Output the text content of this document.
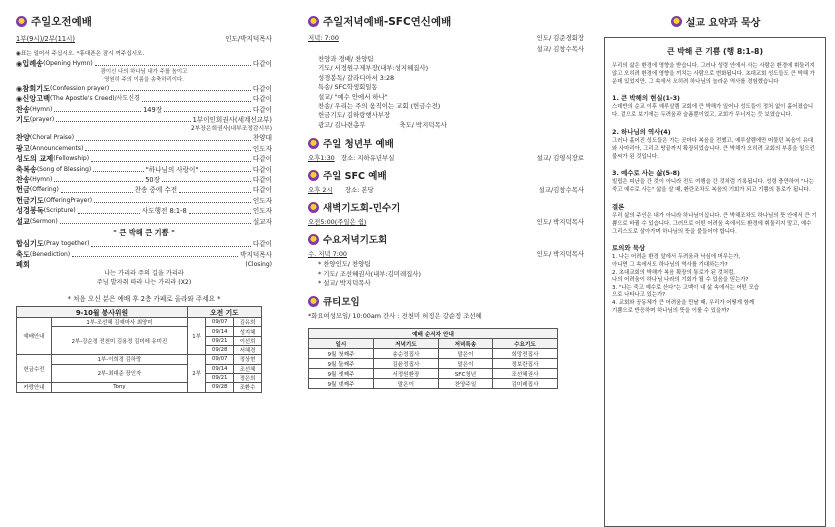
주일오전예배
1부(9시)/2부(11시)	인도/박지덕목사
◉표는 일어서 주십시오. *휴대폰은 잠시 꺼주십시오.
◉입례송 (Opening Hymn)	다같이
광이신 나의 하나님 내가 주를 높이고
영원히 주의 이름을 송축하리이다.
◉참회기도 (Confession prayer)	다같이
◉신앙고백 (The Apostle's Creed)/사도신경	다같이
찬송 (Hymn)	149장	다같이
기도 (prayer)	1부이인희권사(세계선교부)
2부장은희권사(내부조정감시부)
찬양 (Choral Praise)	찬양대
광고 (Announcements)	인도자
성도의 교제 (Fellowship)	다같이
축복송 (Song of Blessing)	"하나님의 사랑이"	다같이
찬송 (Hymn)	50장	다같이
헌금 (Offering)	찬송 중에 수전	다같이
헌금기도 (OfferingPrayer)	인도자
성경봉독 (Scripture)	사도행전 8:1-8	인도자
설교 (Sermon)	설교자
" 큰 박해 큰 기쁨 "
합심기도 (Pray together)	다같이
축도 (Benediction)	박지덕목사
폐회	(Closing)
나는 가리라 주의 길을 가리라
주님 발자취 따라 나는 가리라 (X2)
* 처음 오신 분은 예배 후 2층 카페로 올라와 주세요 *
9-10월 봉사위원		오전 기도		
예배안내	1부-조선혜 김예마사 최양미	1부	09/07	김유희
	2부-강순정 전천미 김용정 김미레 유미진		09/14	성지혜
			09/21	이선희
			09/28	서혜경
헌금수전	1부-이희경 김하랑	2부	09/07	정상현
	2부-최대준 장인자		09/14	조선혜
			09/21	정은희
카랑안내	Tony		09/28	조환수
주일저녁예배-SFC연신예배
저녁: 7:00	인도/ 김준경회장
설교/ 김창수목사
찬양과 경배/ 찬양팀
기도/ 서정원구제부장(내부:성지혜집사)
성경봉독/ 갈라디아서 3:28
특송/ SFC학생회일동
설교/ "예수 안에서 하나"
찬송/ 우리는 주의 움직이는 교회 (헌금수전)
헌금기도/ 김하랑행사부장
광고/ 김나련총무	축도/ 박지덕목사
주일 청년부 예배
오후1:30 장소: 지하유년부실	설교/ 김영식장로
주일 SFC 예배
오후 2시 장소: 본당	설교/김창수목사
새벽기도회-민수기
오전5:00(주일은 쉼)	인도/ 박지덕목사
수요저녁기도회
수. 저녁 7:00	인도/ 박지덕목사
* 찬양인도/ 찬양팀
* 기도/ 조선혜권사(내부:김미레집사)
* 설교/ 박지덕목사
큐티모임
*화요여성모임/ 10:00am 간사 : 전천미 허정은 강순정 조선혜
예배 순서자 안내			
일시	저녁기도	저녁특송	수요기도
9월 첫째주	송순정집사	말은이	희망전집사
9월 둘째주	김윤정집사	말은이	정보란집사
9월 셋째주	서정원환장	SFC청년	조선혜권사
9월 넷째주	말은이	찬양주일	김미레집사
설교 요약과 묵상
큰 박해 큰 기쁨 (행 8:1-8)

우리의 삶은 환경에 영향을 받습니다. 그러나 성령 안에서 사는 사람은 환경에 휘둘리지 않고 오히려 환경에 영향을 끼치는 사람으로 변화됩니다. 초대교회 성도들도 큰 박해 가운데 있었지만, 그 속에서 오히려 하나님의 놀라운 역사를 경험했습니다

1. 큰 박해의 현실(1-3)

스데반의 순교 이후 예루살렘 교회에 큰 박해가 일어나 성도들이 정처 없이 흩어졌습니다. 겉으로 보기에는 두려움과 슬픔뿐이었고, 교회가 무너지는 듯 보였습니다.

2. 하나님의 역사(4)

그러나 흩어진 성도들은 가는 곳마다 복음을 전했고, 예루살렘에만 머물던 복음이 유대와 사마리아, 그리고 땅끝까지 확장되었습니다. 큰 박해가 오히려 교회의 부흥을 일으킨 불씨가 된 것입니다.

3. 예수로 사는 삶(5-8)

빌립은 피난을 간 것이 아니라 전도 여행을 간 것처럼 기록됩니다. 성령 충만하여 "나는 죽고 예수로 사는" 삶을 살 때, 환란조차도 복음의 기회가 되고 기쁨의 통로가 됩니다.

결론

우리 삶의 주인은 내가 아니라 하나님이십니다. 큰 박해조차도 하나님의 뜻 안에서 큰 기쁨으로 바뀔 수 있습니다. 그러므로 어떤 어려움 속에서도 환경에 휘둘리지 말고, 예수 그리스도로 살아가며 하나님의 뜻을 붙들어야 합니다.

토의와 묵상
1. 나는 어려운 환경 앞에서 두려움과 낙심에 머무는가,
아니면 그 속에서도 하나님의 역사를 기대하는가?
2. 초대교회의 박해가 복음 확장의 통로가 된 것처럼,
나의 어려움이 하나님 나라의 기회가 될 수 있음을 믿는가?
3. "나는 죽고 예수로 산다"는 고백이 내 삶 속에서는 어떤 모습
으로 나타나고 있는가?
4. 교회와 공동체가 큰 어려움을 만날 때, 우리가 어떻게 함께
기쁨으로 반응하며 하나님의 뜻을 이룰 수 있을까?
